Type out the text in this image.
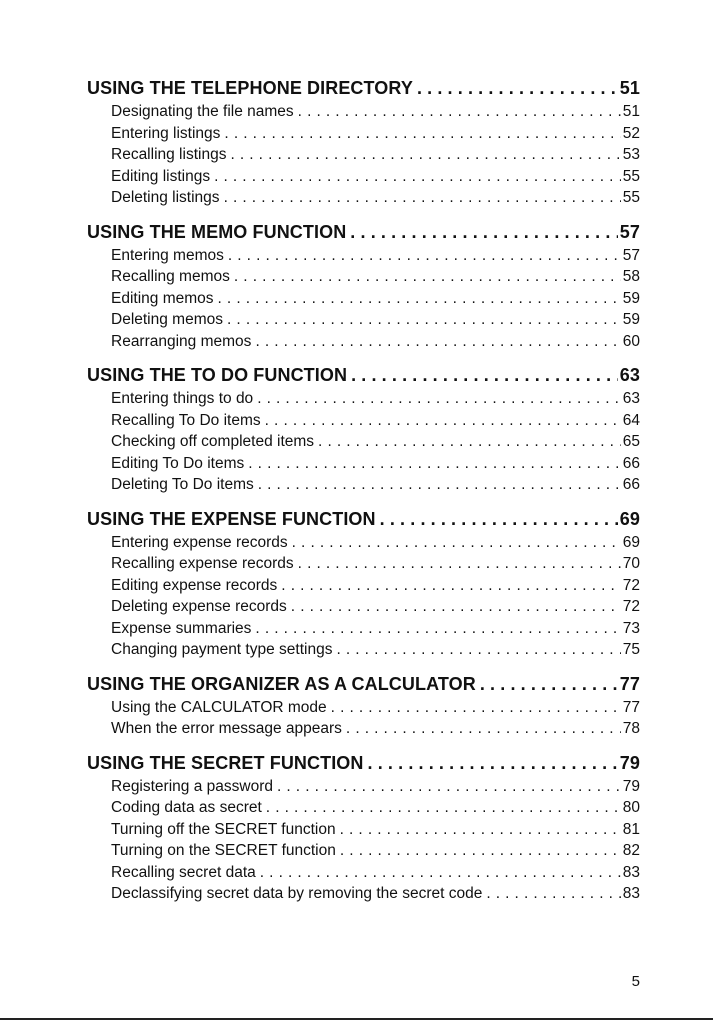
USING THE TELEPHONE DIRECTORY .....	51
Designating the file names .....	51
Entering listings .....	52
Recalling listings .....	53
Editing listings .....	55
Deleting listings .....	55
USING THE MEMO FUNCTION .....	57
Entering memos .....	57
Recalling memos .....	58
Editing memos .....	59
Deleting memos .....	59
Rearranging memos .....	60
USING THE TO DO FUNCTION .....	63
Entering things to do .....	63
Recalling To Do items .....	64
Checking off completed items .....	65
Editing To Do items .....	66
Deleting To Do items .....	66
USING THE EXPENSE FUNCTION .....	69
Entering expense records .....	69
Recalling expense records .....	70
Editing expense records .....	72
Deleting expense records .....	72
Expense summaries .....	73
Changing payment type settings .....	75
USING THE ORGANIZER AS A CALCULATOR .....	77
Using the CALCULATOR mode .....	77
When the error message appears .....	78
USING THE SECRET FUNCTION .....	79
Registering a password .....	79
Coding data as secret .....	80
Turning off the SECRET function .....	81
Turning on the SECRET function .....	82
Recalling secret data .....	83
Declassifying secret data by removing the secret code .....	83
5
